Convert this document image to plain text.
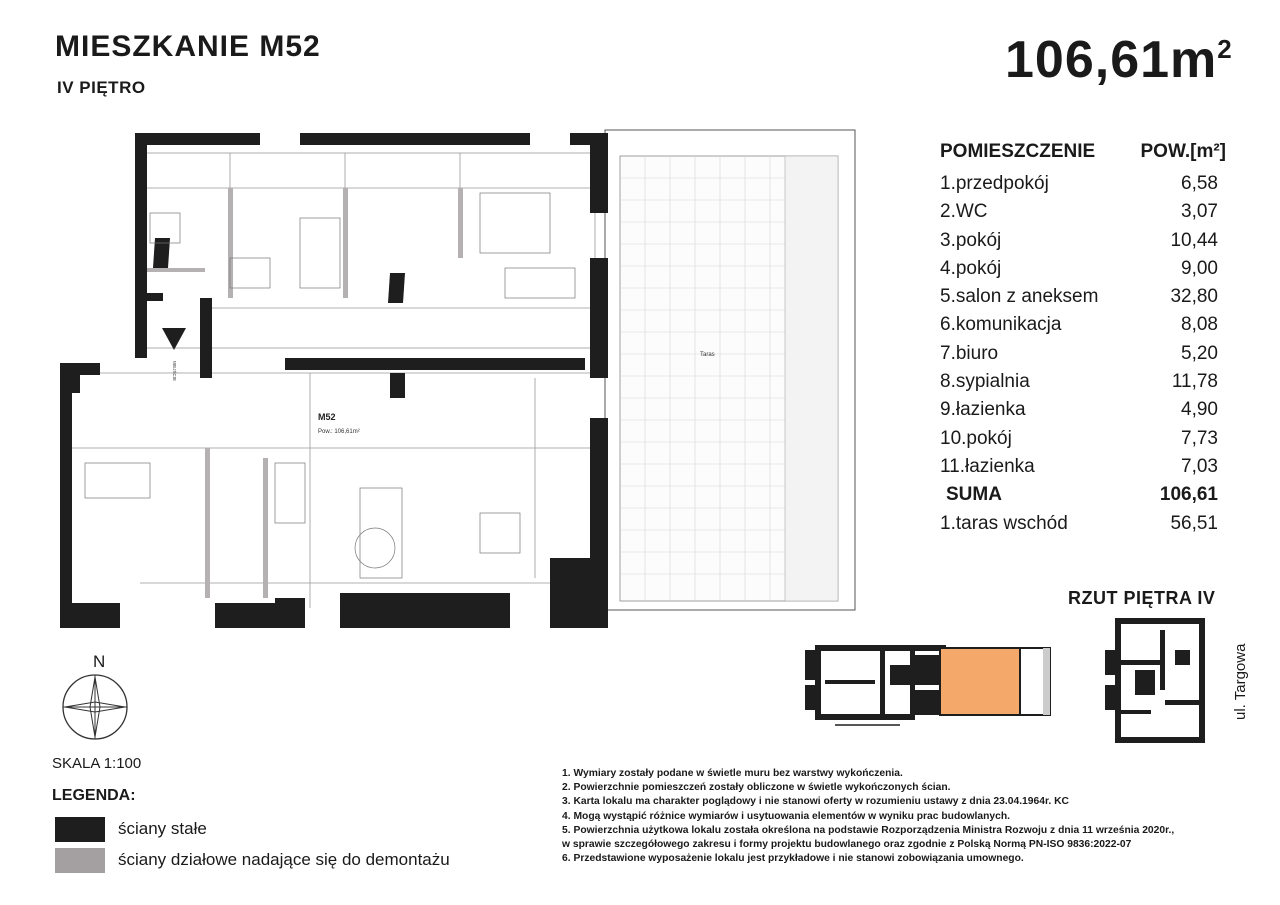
MIESZKANIE M52
IV PIĘTRO	$106,61m^2$
Taras
M52
Pow.: 106,61m²
WEJŚCIE
POMIESZCZENIE POW.[m²]
1.przedpokój	6,58
2.WC	3,07
3.pokój	10,44
4.pokój	9,00
5.salon z aneksem	32,80
6.komunikacja	8,08
7.biuro	5,20
8.sypialnia	11,78
9.łazienka	4,90
10.pokój	7,73
11.łazienka	7,03
SUMA	106,61
1.taras wschód	56,51
RZUT PIĘTRA IV
ul. Targowa
N
SKALA 1:100
LEGENDA:
ściany stałe
ściany działowe nadające się do demontażu
1. Wymiary zostały podane w świetle muru bez warstwy wykończenia.
2. Powierzchnie pomieszczeń zostały obliczone w świetle wykończonych ścian.
3. Karta lokalu ma charakter poglądowy i nie stanowi oferty w rozumieniu ustawy z dnia 23.04.1964r. KC
4. Mogą wystąpić różnice wymiarów i usytuowania elementów w wyniku prac budowlanych.
5. Powierzchnia użytkowa lokalu została określona na podstawie Rozporządzenia Ministra Rozwoju z dnia 11 września 2020r.,
w sprawie szczegółowego zakresu i formy projektu budowlanego oraz zgodnie z Polską Normą PN-ISO 9836:2022-07
6. Przedstawione wyposażenie lokalu jest przykładowe i nie stanowi zobowiązania umownego.
